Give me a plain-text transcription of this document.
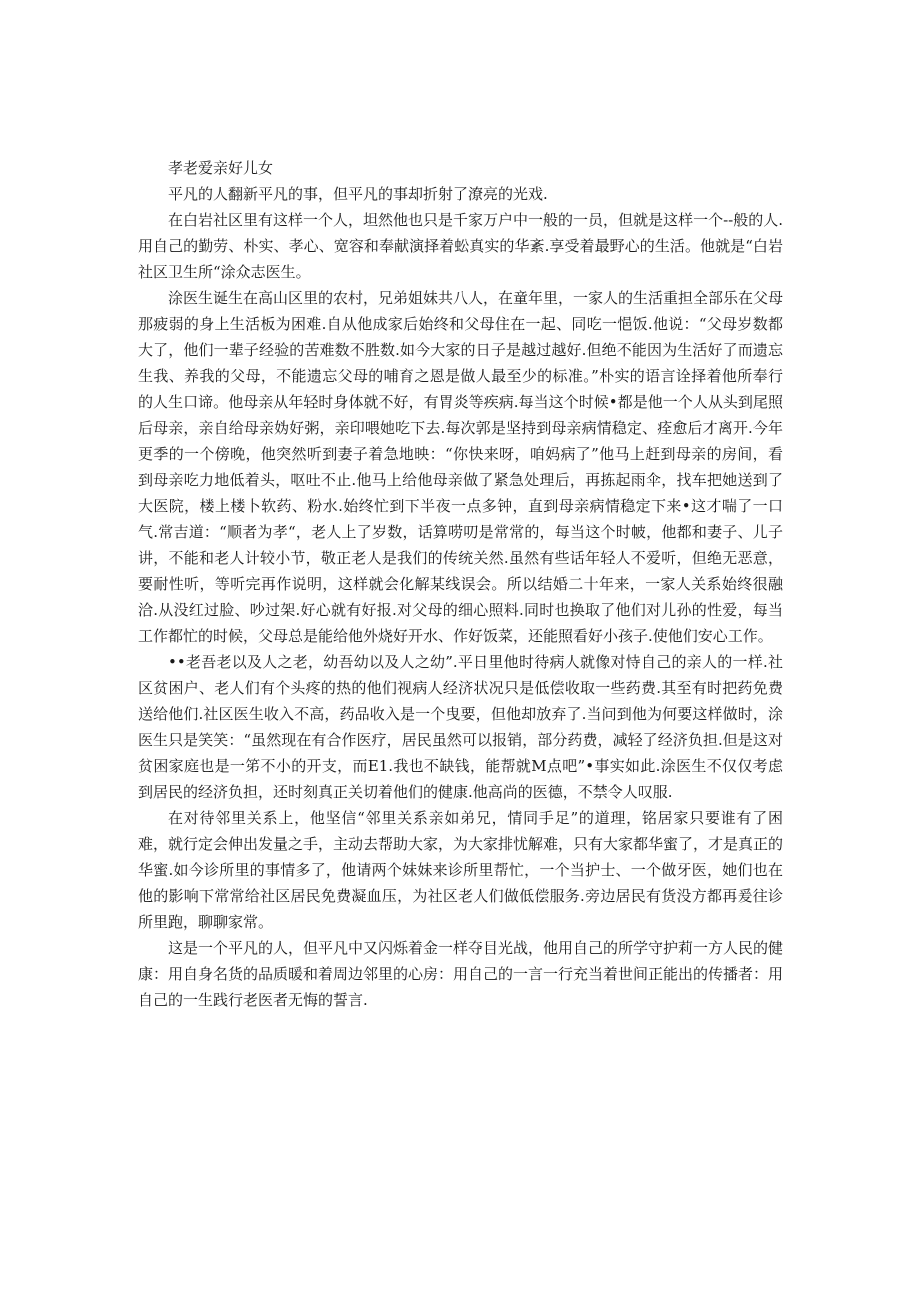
孝老爱亲好儿女

平凡的人翻新平凡的事，但平凡的事却折射了潦亮的光戏.

在白岩社区里有这样一个人，坦然他也只是千家万户中一般的一员，但就是这样一个--般的人.用自己的勤劳、朴实、孝心、宽容和奉献演择着蚣真实的华紊.享受着最野心的生活。他就是“白岩社区卫生所“涂众志医生。

涂医生诞生在高山区里的农村，兄弟姐妹共八人，在童年里，一家人的生活重担全部乐在父母那疲弱的身上生活板为困难.自从他成家后始终和父母住在一起、同吃一悒饭.他说：“父母岁数都大了，他们一辈子经验的苦难数不胜数.如今大家的日子是越过越好.但绝不能因为生活好了而遗忘生我、养我的父母，不能遗忘父母的哺育之恩是做人最至少的标准。”朴实的语言诠择着他所奉行的人生口谛。他母亲从年轻时身体就不好，有胃炎等疾病.每当这个时候•都是他一个人从头到尾照后母亲，亲自给母亲妫好粥，亲印喂她吃下去.每次郭是坚持到母亲病情稳定、痊愈后才离开.今年更季的一个傍晚，他突然听到妻子着急地映：“你快来呀，咱妈病了”他马上赶到母亲的房间，看到母亲吃力地低着头，呕吐不止.他马上给他母亲做了紧急处理后，再拣起雨伞，找车把她送到了大医院，楼上楼卜软药、粉水.始终忙到下半夜一点多钟，直到母亲病情稳定下来•这才喘了一口气.常吉道：“顺者为孝“，老人上了岁数，话算唠叨是常常的，每当这个时帔，他都和妻子、儿子讲，不能和老人计较小节，敬正老人是我们的传统关然.虽然有些话年轻人不爱听，但绝无恶意，要耐性听，等听完再作说明，这样就会化解某线误会。所以结婚二十年来，一家人关系始终很融洽.从没红过脸、吵过架.好心就有好报.对父母的细心照料.同时也换取了他们对儿孙的性爱，每当工作都忙的时候，父母总是能给他外烧好开水、作好饭菜，还能照看好小孩子.使他们安心工作。

••老吾老以及人之老，幼吾幼以及人之幼”.平日里他时待病人就像对恃自己的亲人的一样.社区贫困户、老人们有个头疼的热的他们视病人经济状况只是低偿收取一些药费.其至有时把药免费送给他们.社区医生收入不高，药品收入是一个曳要，但他却放弃了.当问到他为何要这样做时，涂医生只是笑笑：“虽然现在有合作医疗，居民虽然可以报销，部分药费，减轻了经济负担.但是这对贫困家庭也是一笫不小的开支，而E1.我也不缺钱，能帮就M点吧”•事实如此.涂医生不仅仅考虑到居民的经济负担，还时刻真正关切着他们的健康.他高尚的医德，不禁令人叹服.

在对待邻里关系上，他坚信“邻里关系亲如弟兄，情同手足”的道理，铭居家只要谁有了困难，就行定会伸出发量之手，主动去帮助大家，为大家排忧解难，只有大家都华蜜了，才是真正的华蜜.如今诊所里的事情多了，他请两个妹妹来诊所里帮忙，一个当护士、一个做牙医，她们也在他的影响下常常给社区居民免费凝血压，为社区老人们做低偿服务.旁边居民有货没方都再爰往诊所里跑，聊聊家常。

这是一个平凡的人，但平凡中又闪烁着金一样夺目光战，他用自己的所学守护莉一方人民的健康：用自身名货的品质暖和着周边邻里的心房：用自己的一言一行充当着世间正能出的传播者：用自己的一生践行老医者无悔的誓言.
